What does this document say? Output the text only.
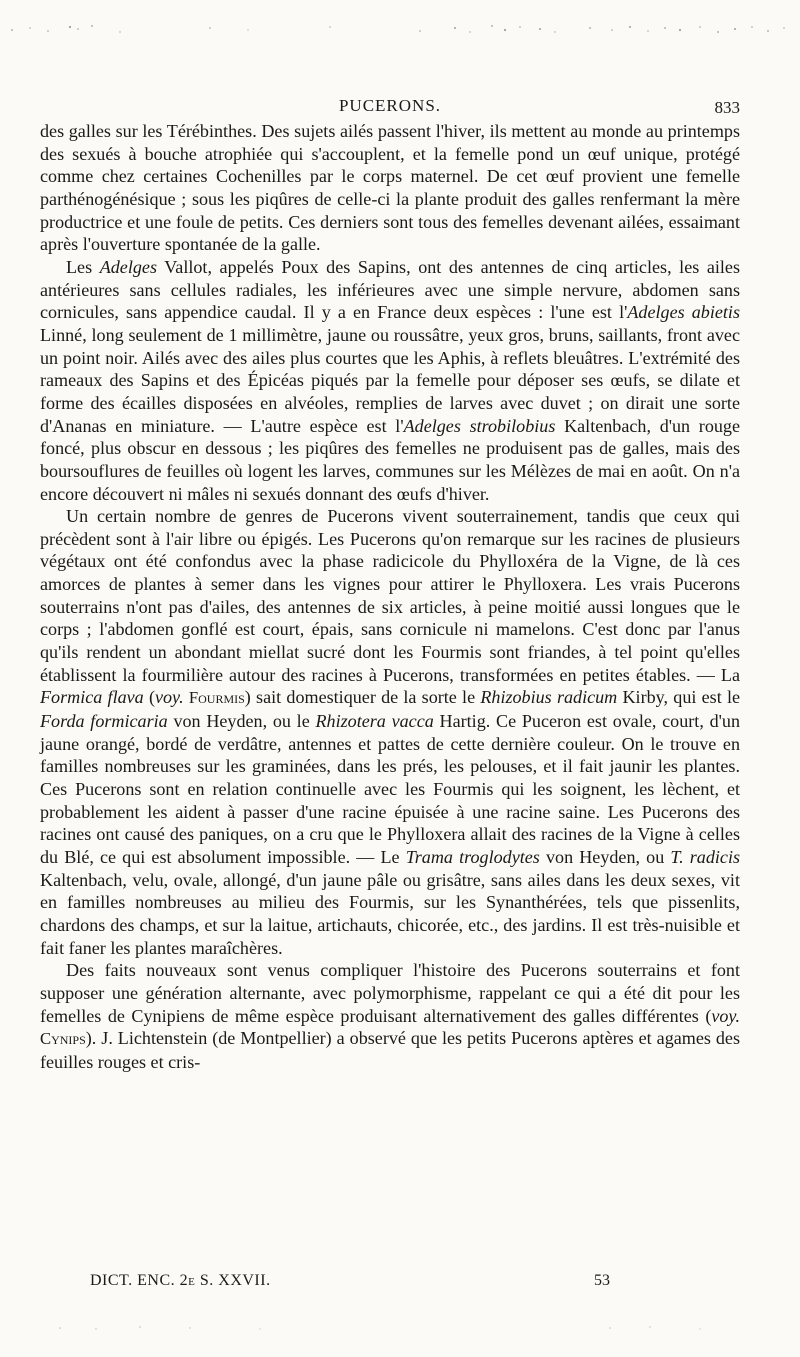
PUCERONS.	833

des galles sur les Térébinthes. Des sujets ailés passent l'hiver, ils mettent au monde au printemps des sexués à bouche atrophiée qui s'accouplent, et la femelle pond un œuf unique, protégé comme chez certaines Cochenilles par le corps maternel. De cet œuf provient une femelle parthénogénésique ; sous les piqûres de celle-ci la plante produit des galles renfermant la mère productrice et une foule de petits. Ces derniers sont tous des femelles devenant ailées, essaimant après l'ouverture spontanée de la galle.

Les Adelges Vallot, appelés Poux des Sapins, ont des antennes de cinq articles, les ailes antérieures sans cellules radiales, les inférieures avec une simple nervure, abdomen sans cornicules, sans appendice caudal. Il y a en France deux espèces : l'une est l'Adelges abietis Linné, long seulement de 1 millimètre, jaune ou roussâtre, yeux gros, bruns, saillants, front avec un point noir. Ailés avec des ailes plus courtes que les Aphis, à reflets bleuâtres. L'extrémité des rameaux des Sapins et des Épicéas piqués par la femelle pour déposer ses œufs, se dilate et forme des écailles disposées en alvéoles, remplies de larves avec duvet ; on dirait une sorte d'Ananas en miniature. — L'autre espèce est l'Adelges strobilobius Kaltenbach, d'un rouge foncé, plus obscur en dessous ; les piqûres des femelles ne produisent pas de galles, mais des boursouflures de feuilles où logent les larves, communes sur les Mélèzes de mai en août. On n'a encore découvert ni mâles ni sexués donnant des œufs d'hiver.

Un certain nombre de genres de Pucerons vivent souterrainement, tandis que ceux qui précèdent sont à l'air libre ou épigés. Les Pucerons qu'on remarque sur les racines de plusieurs végétaux ont été confondus avec la phase radicicole du Phylloxéra de la Vigne, de là ces amorces de plantes à semer dans les vignes pour attirer le Phylloxera. Les vrais Pucerons souterrains n'ont pas d'ailes, des antennes de six articles, à peine moitié aussi longues que le corps ; l'abdomen gonflé est court, épais, sans cornicule ni mamelons. C'est donc par l'anus qu'ils rendent un abondant miellat sucré dont les Fourmis sont friandes, à tel point qu'elles établissent la fourmilière autour des racines à Pucerons, transformées en petites étables. — La Formica flava (voy. Fourmis) sait domestiquer de la sorte le Rhizobius radicum Kirby, qui est le Forda formicaria von Heyden, ou le Rhizotera vacca Hartig. Ce Puceron est ovale, court, d'un jaune orangé, bordé de verdâtre, antennes et pattes de cette dernière couleur. On le trouve en familles nombreuses sur les graminées, dans les prés, les pelouses, et il fait jaunir les plantes. Ces Pucerons sont en relation continuelle avec les Fourmis qui les soignent, les lèchent, et probablement les aident à passer d'une racine épuisée à une racine saine. Les Pucerons des racines ont causé des paniques, on a cru que le Phylloxera allait des racines de la Vigne à celles du Blé, ce qui est absolument impossible. — Le Trama troglodytes von Heyden, ou T. radicis Kaltenbach, velu, ovale, allongé, d'un jaune pâle ou grisâtre, sans ailes dans les deux sexes, vit en familles nombreuses au milieu des Fourmis, sur les Synanthérées, tels que pissenlits, chardons des champs, et sur la laitue, artichauts, chicorée, etc., des jardins. Il est très-nuisible et fait faner les plantes maraîchères.

Des faits nouveaux sont venus compliquer l'histoire des Pucerons souterrains et font supposer une génération alternante, avec polymorphisme, rappelant ce qui a été dit pour les femelles de Cynipiens de même espèce produisant alternativement des galles différentes (voy. Cynips). J. Lichtenstein (de Montpellier) a observé que les petits Pucerons aptères et agames des feuilles rouges et cris-

DICT. ENC. 2e S. XXVII.	53
